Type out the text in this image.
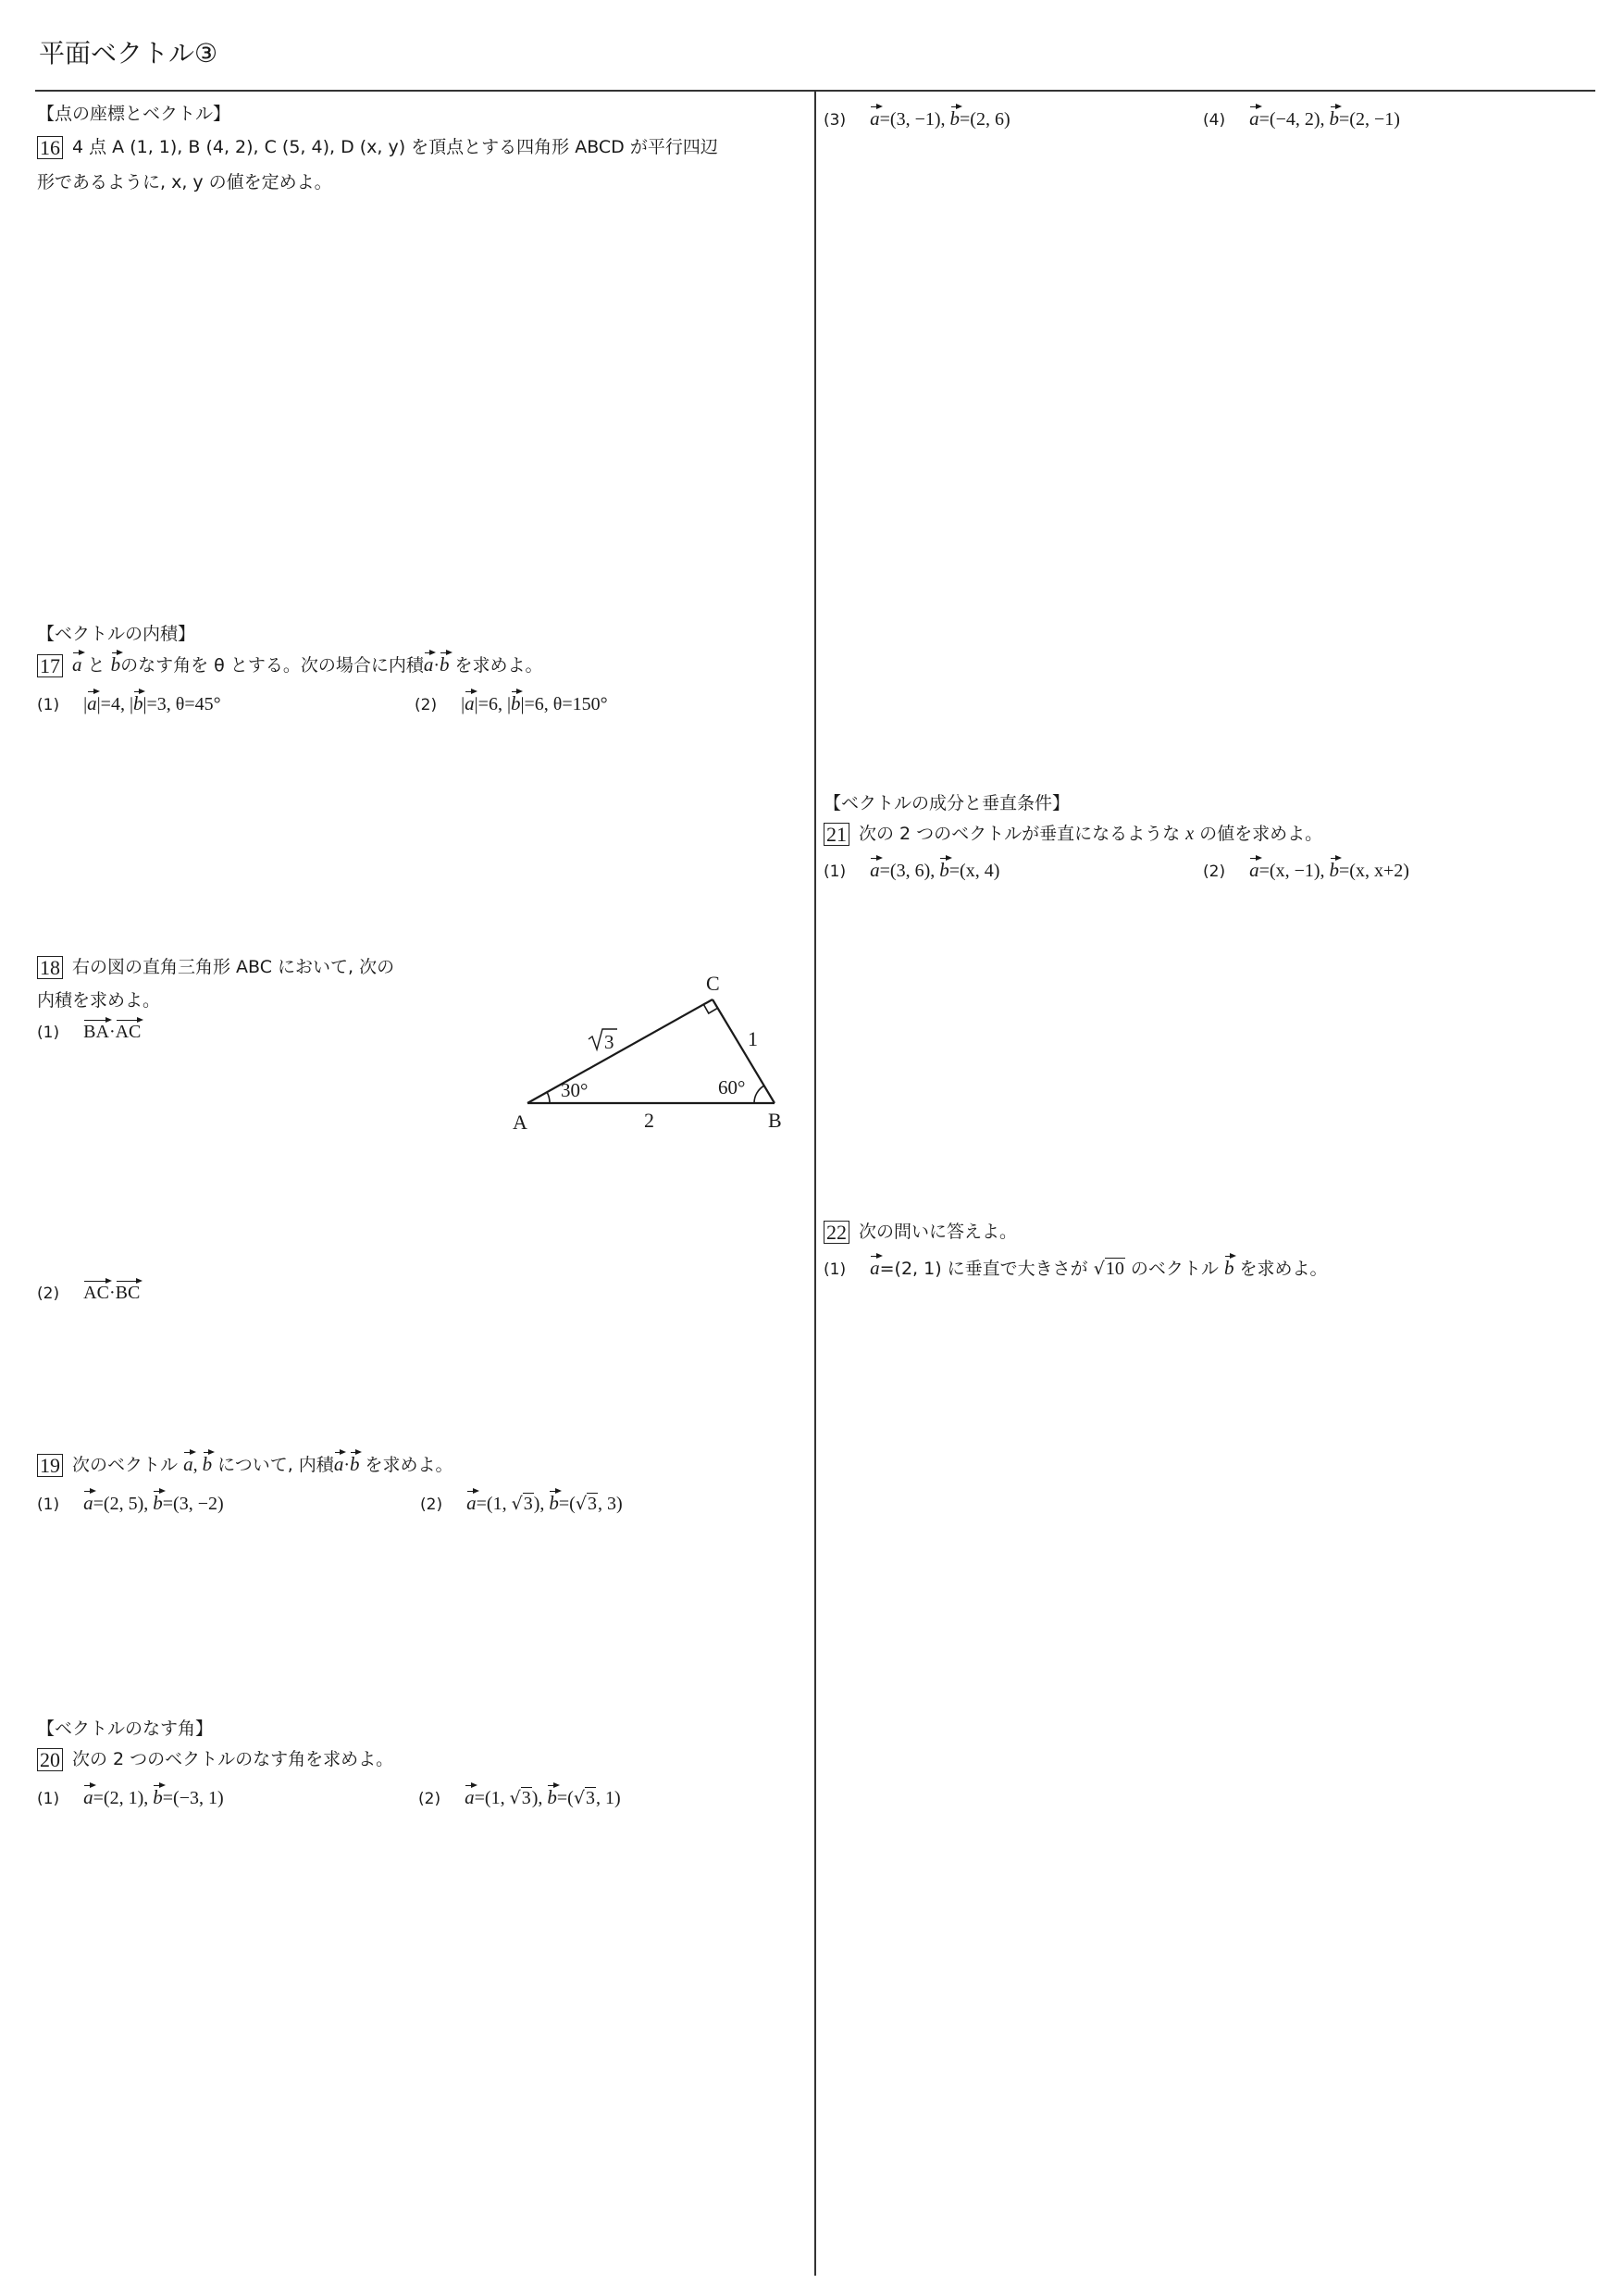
平面ベクトル③
【点の座標とベクトル】
16 4 点 A (1, 1), B (4, 2), C (5, 4), D (x, y) を頂点とする四角形 ABCD が平行四辺
形であるように, x, y の値を定めよ。
【ベクトルの内積】
17 a と bのなす角を θ とする。次の場合に内積a·b を求めよ。
(1) |a|=4, |b|=3, θ=45°	(2) |a|=6, |b|=6, θ=150°
18 右の図の直角三角形 ABC において, 次の
内積を求めよ。
(1) BA·AC
(2) AC·BC
A	B
C
2
1
3
30°	60°
19 次のベクトル a, b について, 内積a·b を求めよ。
(1) a=(2, 5), b=(3, −2)	(2) a=(1, √3), b=(√3, 3)
【ベクトルのなす角】
20 次の 2 つのベクトルのなす角を求めよ。
(1) a=(2, 1), b=(−3, 1)	(2) a=(1, √3), b=(√3, 1)
(3) a=(3, −1), b=(2, 6)	(4) a=(−4, 2), b=(2, −1)
【ベクトルの成分と垂直条件】
21 次の 2 つのベクトルが垂直になるような x の値を求めよ。
(1) a=(3, 6), b=(x, 4)	(2) a=(x, −1), b=(x, x+2)
22 次の問いに答えよ。
(1) a=(2, 1) に垂直で大きさが √10 のベクトル b を求めよ。
